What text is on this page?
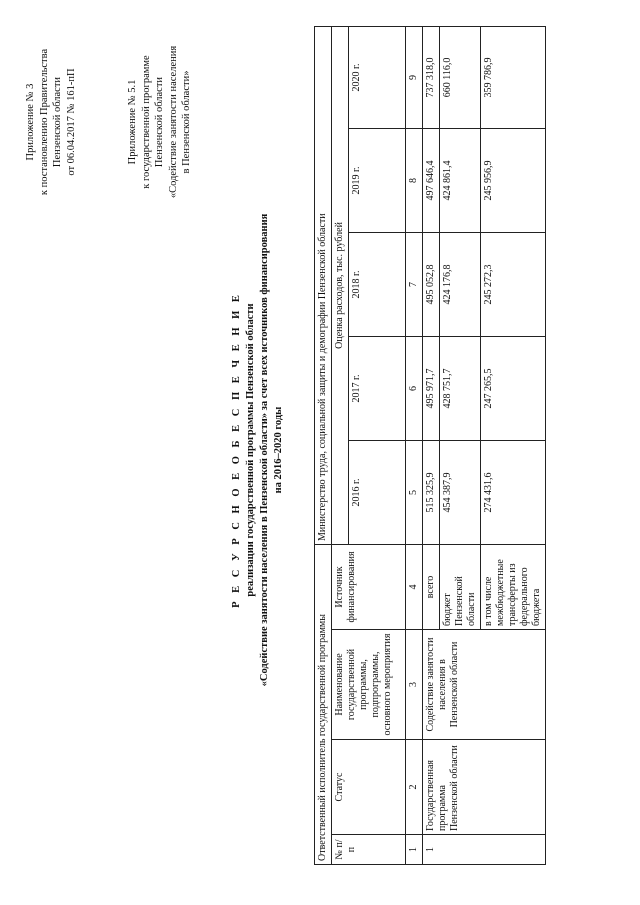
Приложение № 3 к постановлению Правительства Пензенской области от 06.04.2017 № 161-пП	Приложение № 5.1 к государственной программе Пензенской области «Содействие занятости населения в Пензенской области»
Р Е С У Р С Н О Е О Б Е С П Е Ч Е Н И Е реализации государственной программы Пензенской области «Содействие занятости населения в Пензенской области» за счет всех источников финансирования на 2016–2020 годы
Ответственный исполнитель государственной программы				Министерство труда, социальной защиты и демографии Пензенской области				
№ п/п	Статус	Наименование государственной программы, подпрограммы, основного мероприятия	Источник финансирования	Оценка расходов, тыс. рублей				
				2016 г.	2017 г.	2018 г.	2019 г.	2020 г.
1	2	3	4	5	6	7	8	9
1	Государственная программа Пензенской области	Содействие занятости населения в Пензенской области	всего	515 325,9	495 971,7	495 052,8	497 646,4	737 318,0
			бюджет Пензенской области	454 387,9	428 751,7	424 176,8	424 861,4	660 116,0
			в том числе межбюджетные трансферты из федерального бюджета	274 431,6	247 265,5	245 272,3	245 956,9	359 786,9
